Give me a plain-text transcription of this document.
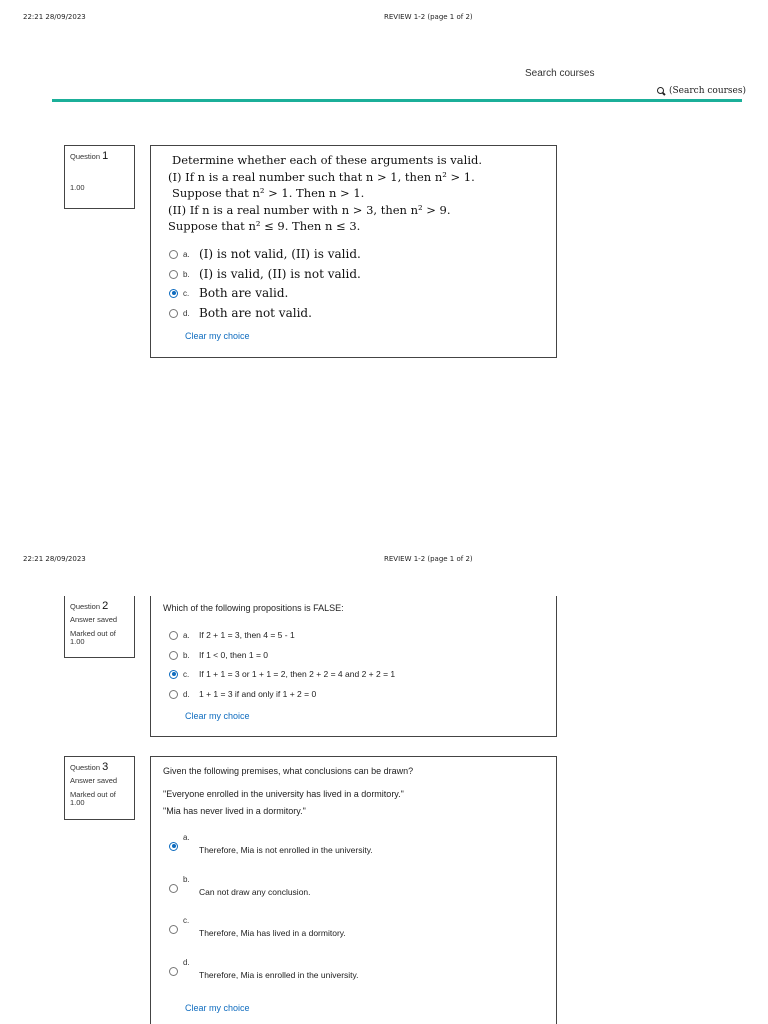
22:21 28/09/2023	REVIEW 1-2 (page 1 of 2)
Search courses
(Search courses)
Question 1
1.00
Determine whether each of these arguments is valid.
(I) If n is a real number such that n > 1, then n² > 1.
Suppose that n² > 1. Then n > 1.
(II) If n is a real number with n > 3, then n² > 9.
Suppose that n² ≤ 9. Then n ≤ 3.
a. (I) is not valid, (II) is valid.
b. (I) is valid, (II) is not valid.
c. Both are valid.
d. Both are not valid.
Clear my choice
22:21 28/09/2023	REVIEW 1-2 (page 1 of 2)
Question 2
Answer saved
Marked out of 1.00
Which of the following propositions is FALSE:
a.	If 2 + 1 = 3, then 4 = 5 - 1
b.	If 1 < 0, then 1 = 0
c.	If 1 + 1 = 3 or 1 + 1 = 2, then 2 + 2 = 4 and 2 + 2 = 1
d.	1 + 1 = 3 if and only if 1 + 2 = 0
Clear my choice
Question 3
Answer saved
Marked out of 1.00
Given the following premises, what conclusions can be drawn?
"Everyone enrolled in the university has lived in a dormitory."
"Mia has never lived in a dormitory."
a.
Therefore, Mia is not enrolled in the university.
b.
Can not draw any conclusion.
c.
Therefore, Mia has lived in a dormitory.
d.
Therefore, Mia is enrolled in the university.
Clear my choice
